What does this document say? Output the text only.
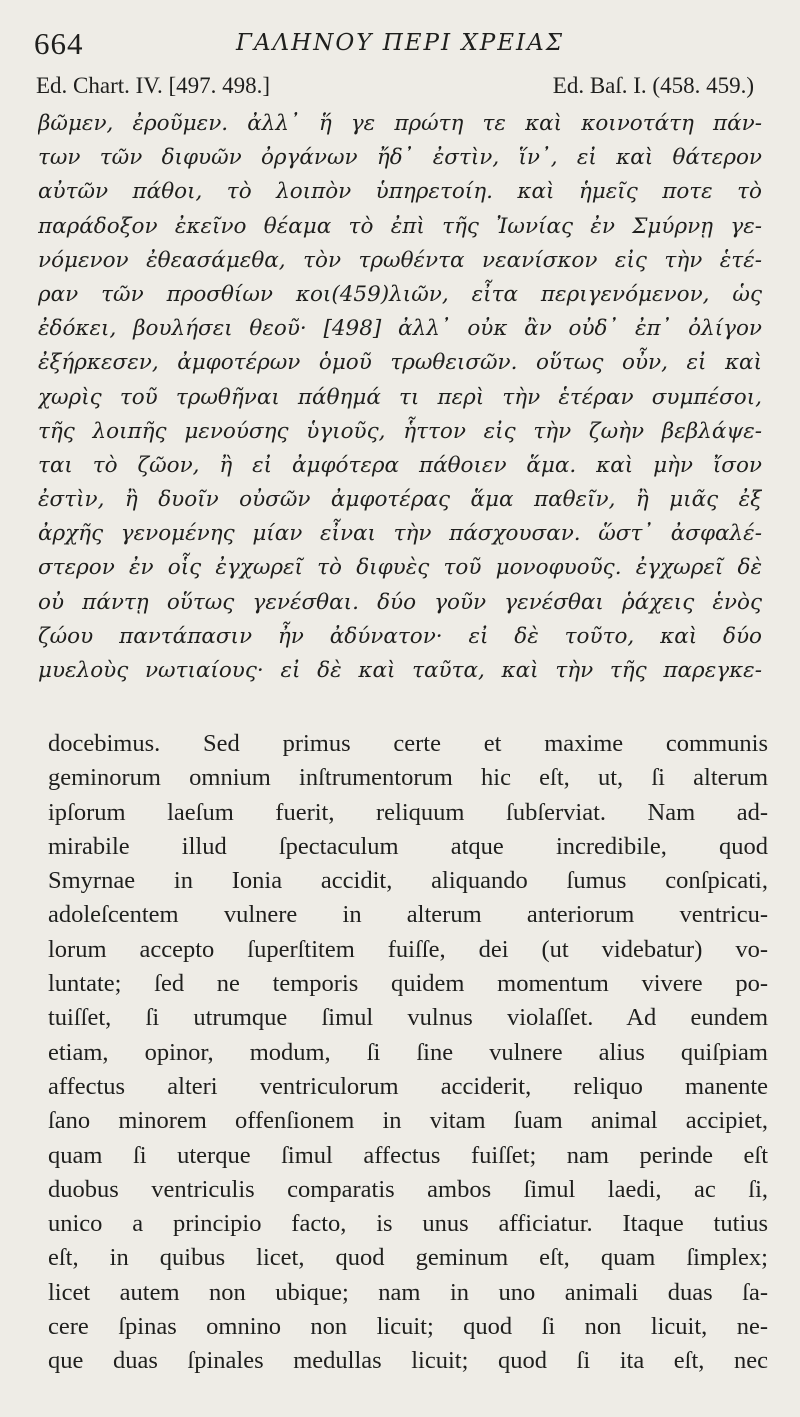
664	ΓΑΛΗΝΟΥ ΠΕΡΙ ΧΡΕΙΑΣ
Ed. Chart. IV. [497. 498.]	Ed. Baſ. I. (458. 459.)
βῶμεν, ἐροῦμεν. ἀλλ᾽ ἥ γε πρώτη τε καὶ κοινοτάτη πάν-
των τῶν διφυῶν ὀργάνων ἤδ᾽ ἐστὶν, ἵν᾽, εἰ καὶ θάτερον
αὐτῶν πάθοι, τὸ λοιπὸν ὑπηρετοίη. καὶ ἡμεῖς ποτε τὸ
παράδοξον ἐκεῖνο θέαμα τὸ ἐπὶ τῆς Ἰωνίας ἐν Σμύρνῃ γε-
νόμενον ἐθεασάμεθα, τὸν τρωθέντα νεανίσκον εἰς τὴν ἑτέ-
ραν τῶν προσθίων κοι(459)λιῶν, εἶτα περιγενόμενον, ὡς
ἐδόκει, βουλήσει θεοῦ· [498] ἀλλ᾽ οὐκ ἂν οὐδ᾽ ἐπ᾽ ὀλίγον
ἐξήρκεσεν, ἀμφοτέρων ὁμοῦ τρωθεισῶν. οὕτως οὖν, εἰ καὶ
χωρὶς τοῦ τρωθῆναι πάθημά τι περὶ τὴν ἑτέραν συμπέσοι,
τῆς λοιπῆς μενούσης ὑγιοῦς, ἧττον εἰς τὴν ζωὴν βεβλάψε-
ται τὸ ζῶον, ἢ εἰ ἀμφότερα πάθοιεν ἅμα. καὶ μὴν ἴσον
ἐστὶν, ἢ δυοῖν οὐσῶν ἀμφοτέρας ἅμα παθεῖν, ἢ μιᾶς ἐξ
ἀρχῆς γενομένης μίαν εἶναι τὴν πάσχουσαν. ὥστ᾽ ἀσφαλέ-
στερον ἐν οἷς ἐγχωρεῖ τὸ διφυὲς τοῦ μονοφυοῦς. ἐγχωρεῖ δὲ
οὐ πάντῃ οὕτως γενέσθαι. δύο γοῦν γενέσθαι ῥάχεις ἑνὸς
ζώου παντάπασιν ἦν ἀδύνατον· εἰ δὲ τοῦτο, καὶ δύο
μυελοὺς νωτιαίους· εἰ δὲ καὶ ταῦτα, καὶ τὴν τῆς παρεγκε-
docebimus. Sed primus certe et maxime communis
geminorum omnium inſtrumentorum hic eſt, ut, ſi alterum
ipſorum laeſum fuerit, reliquum ſubſerviat. Nam ad-
mirabile illud ſpectaculum atque incredibile, quod
Smyrnae in Ionia accidit, aliquando ſumus conſpicati,
adoleſcentem vulnere in alterum anteriorum ventricu-
lorum accepto ſuperſtitem fuiſſe, dei (ut videbatur) vo-
luntate; ſed ne temporis quidem momentum vivere po-
tuiſſet, ſi utrumque ſimul vulnus violaſſet. Ad eundem
etiam, opinor, modum, ſi ſine vulnere alius quiſpiam
affectus alteri ventriculorum acciderit, reliquo manente
ſano minorem offenſionem in vitam ſuam animal accipiet,
quam ſi uterque ſimul affectus fuiſſet; nam perinde eſt
duobus ventriculis comparatis ambos ſimul laedi, ac ſi,
unico a principio facto, is unus afficiatur. Itaque tutius
eſt, in quibus licet, quod geminum eſt, quam ſimplex;
licet autem non ubique; nam in uno animali duas ſa-
cere ſpinas omnino non licuit; quod ſi non licuit, ne-
que duas ſpinales medullas licuit; quod ſi ita eſt, nec
